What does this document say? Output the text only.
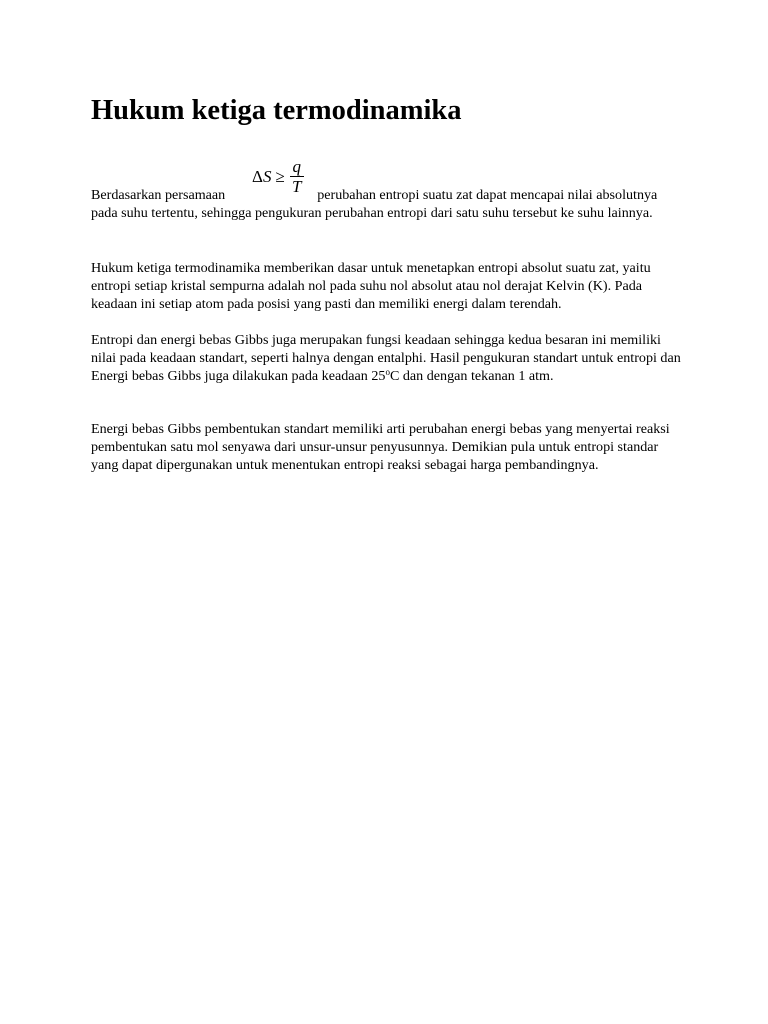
Hukum ketiga termodinamika
$\Delta S \ge \frac{q}{T}$

Berdasarkan persamaan	perubahan entropi suatu zat dapat mencapai nilai absolutnya pada suhu tertentu, sehingga pengukuran perubahan entropi dari satu suhu tersebut ke suhu lainnya.

Hukum ketiga termodinamika memberikan dasar untuk menetapkan entropi absolut suatu zat, yaitu entropi setiap kristal sempurna adalah nol pada suhu nol absolut atau nol derajat Kelvin (K). Pada keadaan ini setiap atom pada posisi yang pasti dan memiliki energi dalam terendah.

Entropi dan energi bebas Gibbs juga merupakan fungsi keadaan sehingga kedua besaran ini memiliki nilai pada keadaan standart, seperti halnya dengan entalphi. Hasil pengukuran standart untuk entropi dan Energi bebas Gibbs juga dilakukan pada keadaan 25$^o$C dan dengan tekanan 1 atm.

Energi bebas Gibbs pembentukan standart memiliki arti perubahan energi bebas yang menyertai reaksi pembentukan satu mol senyawa dari unsur-unsur penyusunnya. Demikian pula untuk entropi standar yang dapat dipergunakan untuk menentukan entropi reaksi sebagai harga pembandingnya.
